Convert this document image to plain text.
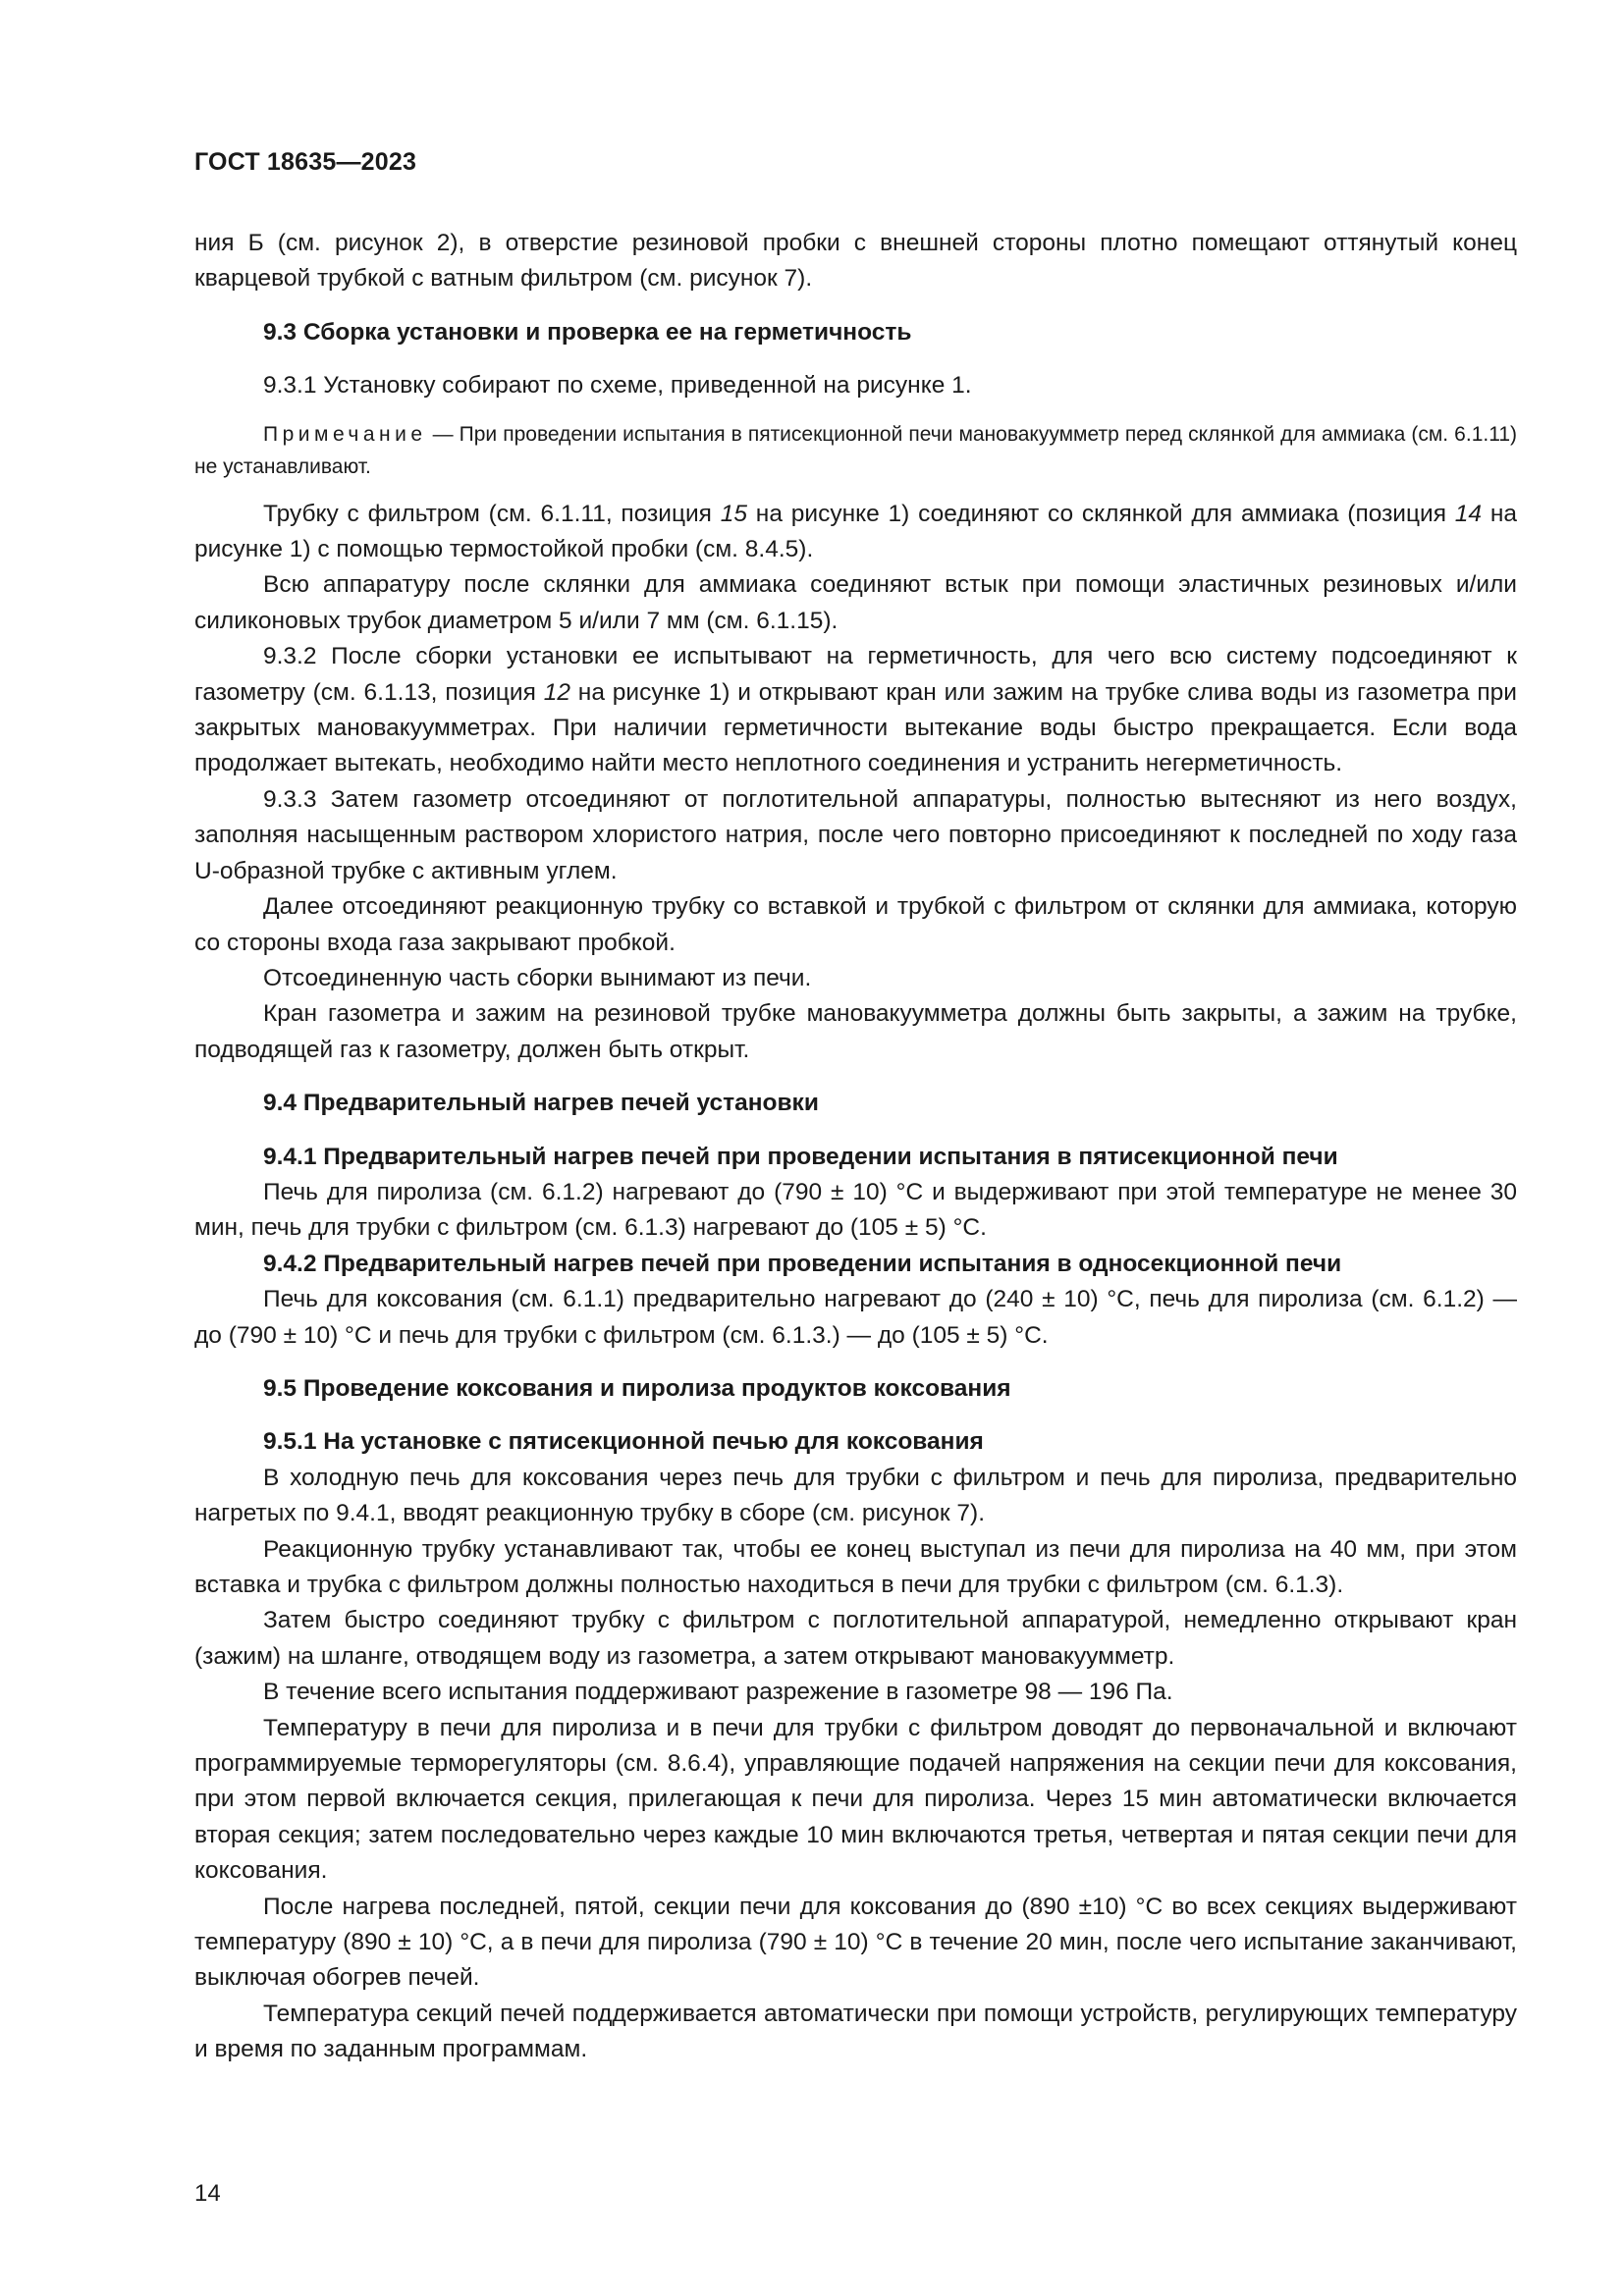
ГОСТ 18635—2023

ния Б (см. рисунок 2), в отверстие резиновой пробки с внешней стороны плотно помещают оттянутый конец кварцевой трубкой с ватным фильтром (см. рисунок 7).

9.3 Сборка установки и проверка ее на герметичность

9.3.1 Установку собирают по схеме, приведенной на рисунке 1.

Примечание — При проведении испытания в пятисекционной печи мановакуумметр перед склянкой для аммиака (см. 6.1.11) не устанавливают.

Трубку с фильтром (см. 6.1.11, позиция 15 на рисунке 1) соединяют со склянкой для аммиака (позиция 14 на рисунке 1) с помощью термостойкой пробки (см. 8.4.5).

Всю аппаратуру после склянки для аммиака соединяют встык при помощи эластичных резиновых и/или силиконовых трубок диаметром 5 и/или 7 мм (см. 6.1.15).

9.3.2 После сборки установки ее испытывают на герметичность, для чего всю систему подсоединяют к газометру (см. 6.1.13, позиция 12 на рисунке 1) и открывают кран или зажим на трубке слива воды из газометра при закрытых мановакуумметрах. При наличии герметичности вытекание воды быстро прекращается. Если вода продолжает вытекать, необходимо найти место неплотного соединения и устранить негерметичность.

9.3.3 Затем газометр отсоединяют от поглотительной аппаратуры, полностью вытесняют из него воздух, заполняя насыщенным раствором хлористого натрия, после чего повторно присоединяют к последней по ходу газа U-образной трубке с активным углем.

Далее отсоединяют реакционную трубку со вставкой и трубкой с фильтром от склянки для аммиака, которую со стороны входа газа закрывают пробкой.

Отсоединенную часть сборки вынимают из печи.

Кран газометра и зажим на резиновой трубке мановакуумметра должны быть закрыты, а зажим на трубке, подводящей газ к газометру, должен быть открыт.

9.4 Предварительный нагрев печей установки

9.4.1 Предварительный нагрев печей при проведении испытания в пятисекционной печи

Печь для пиролиза (см. 6.1.2) нагревают до (790 ± 10) °С и выдерживают при этой температуре не менее 30 мин, печь для трубки с фильтром (см. 6.1.3) нагревают до (105 ± 5) °С.

9.4.2 Предварительный нагрев печей при проведении испытания в односекционной печи

Печь для коксования (см. 6.1.1) предварительно нагревают до (240 ± 10) °С, печь для пиролиза (см. 6.1.2) — до (790 ± 10) °С и печь для трубки с фильтром (см. 6.1.3.) — до (105 ± 5) °С.

9.5 Проведение коксования и пиролиза продуктов коксования

9.5.1 На установке с пятисекционной печью для коксования

В холодную печь для коксования через печь для трубки с фильтром и печь для пиролиза, предварительно нагретых по 9.4.1, вводят реакционную трубку в сборе (см. рисунок 7).

Реакционную трубку устанавливают так, чтобы ее конец выступал из печи для пиролиза на 40 мм, при этом вставка и трубка с фильтром должны полностью находиться в печи для трубки с фильтром (см. 6.1.3).

Затем быстро соединяют трубку с фильтром с поглотительной аппаратурой, немедленно открывают кран (зажим) на шланге, отводящем воду из газометра, а затем открывают мановакуумметр.

В течение всего испытания поддерживают разрежение в газометре 98 — 196 Па.

Температуру в печи для пиролиза и в печи для трубки с фильтром доводят до первоначальной и включают программируемые терморегуляторы (см. 8.6.4), управляющие подачей напряжения на секции печи для коксования, при этом первой включается секция, прилегающая к печи для пиролиза. Через 15 мин автоматически включается вторая секция; затем последовательно через каждые 10 мин включаются третья, четвертая и пятая секции печи для коксования.

После нагрева последней, пятой, секции печи для коксования до (890 ±10) °С во всех секциях выдерживают температуру (890 ± 10) °С, а в печи для пиролиза (790 ± 10) °С в течение 20 мин, после чего испытание заканчивают, выключая обогрев печей.

Температура секций печей поддерживается автоматически при помощи устройств, регулирующих температуру и время по заданным программам.

14
